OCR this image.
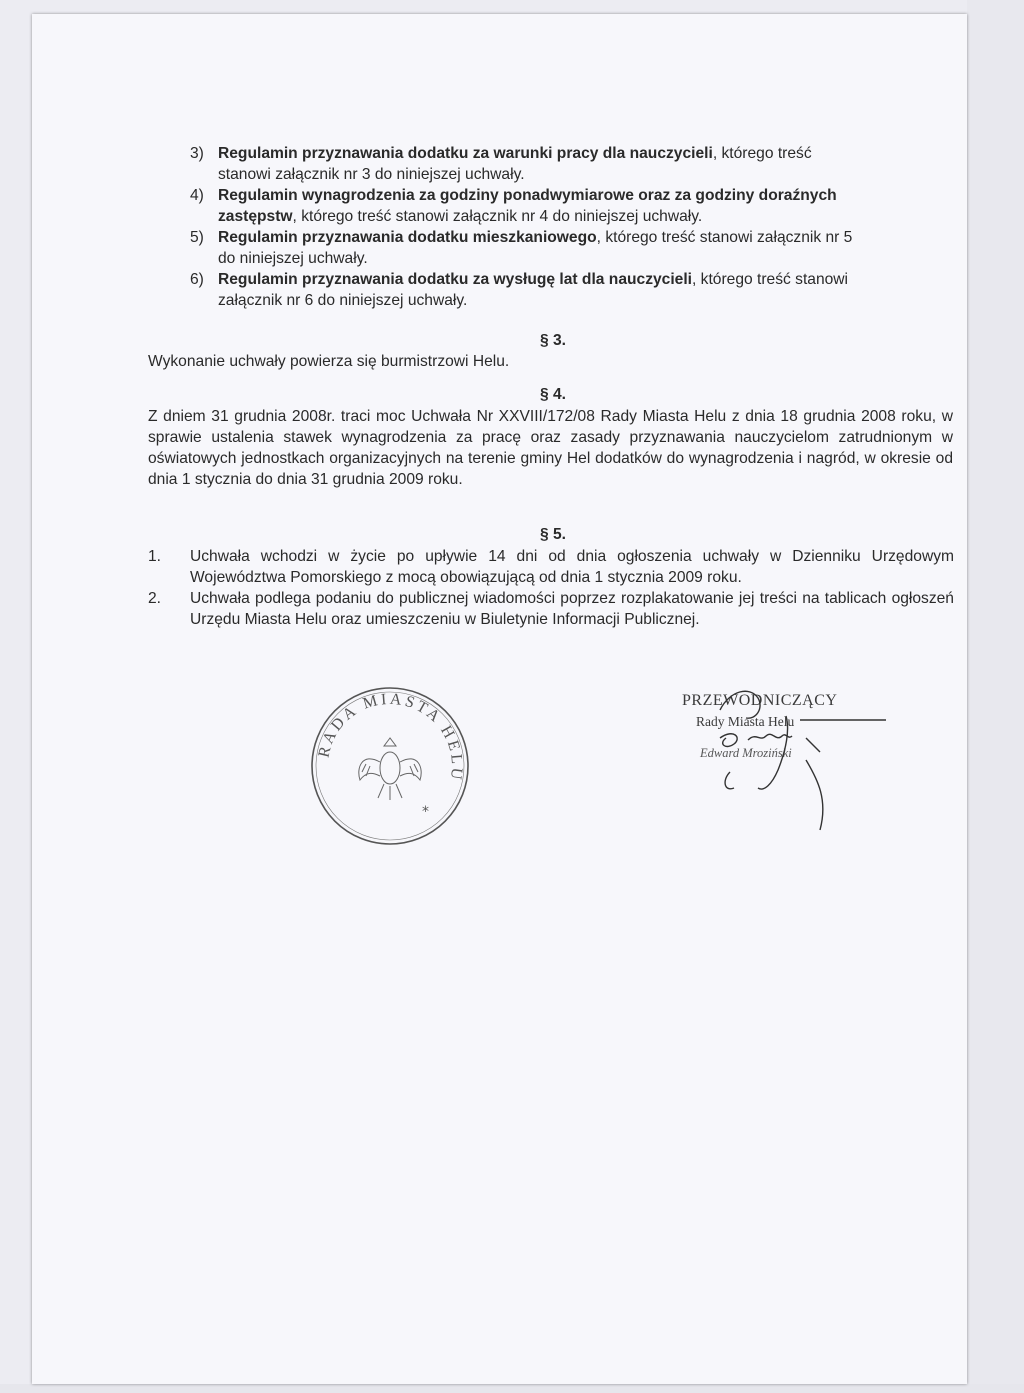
3) Regulamin przyznawania dodatku za warunki pracy dla nauczycieli, którego treść
stanowi załącznik nr 3 do niniejszej uchwały.
4) Regulamin wynagrodzenia za godziny ponadwymiarowe oraz za godziny doraźnych
zastępstw, którego treść stanowi załącznik nr 4 do niniejszej uchwały.
5) Regulamin przyznawania dodatku mieszkaniowego, którego treść stanowi załącznik nr 5
do niniejszej uchwały.
6) Regulamin przyznawania dodatku za wysługę lat dla nauczycieli, którego treść stanowi
załącznik nr 6 do niniejszej uchwały.
§ 3.
Wykonanie uchwały powierza się burmistrzowi Helu.
§ 4.
Z dniem 31 grudnia 2008r. traci moc Uchwała Nr XXVIII/172/08 Rady Miasta Helu z dnia 18 grudnia 2008 roku, w sprawie ustalenia stawek wynagrodzenia za pracę oraz zasady przyznawania nauczycielom zatrudnionym w oświatowych jednostkach organizacyjnych na terenie gminy Hel dodatków do wynagrodzenia i nagród, w okresie od dnia 1 stycznia do dnia 31 grudnia 2009 roku.
§ 5.
1. Uchwała wchodzi w życie po upływie 14 dni od dnia ogłoszenia uchwały w Dzienniku Urzędowym Województwa Pomorskiego z mocą obowiązującą od dnia 1 stycznia 2009 roku.
2. Uchwała podlega podaniu do publicznej wiadomości poprzez rozplakatowanie jej treści na tablicach ogłoszeń Urzędu Miasta Helu oraz umieszczeniu w Biuletynie Informacji Publicznej.
RADA MIASTA HELU
*
PRZEWODNICZĄCY
Rady Miasta Helu
Edward Mroziński
